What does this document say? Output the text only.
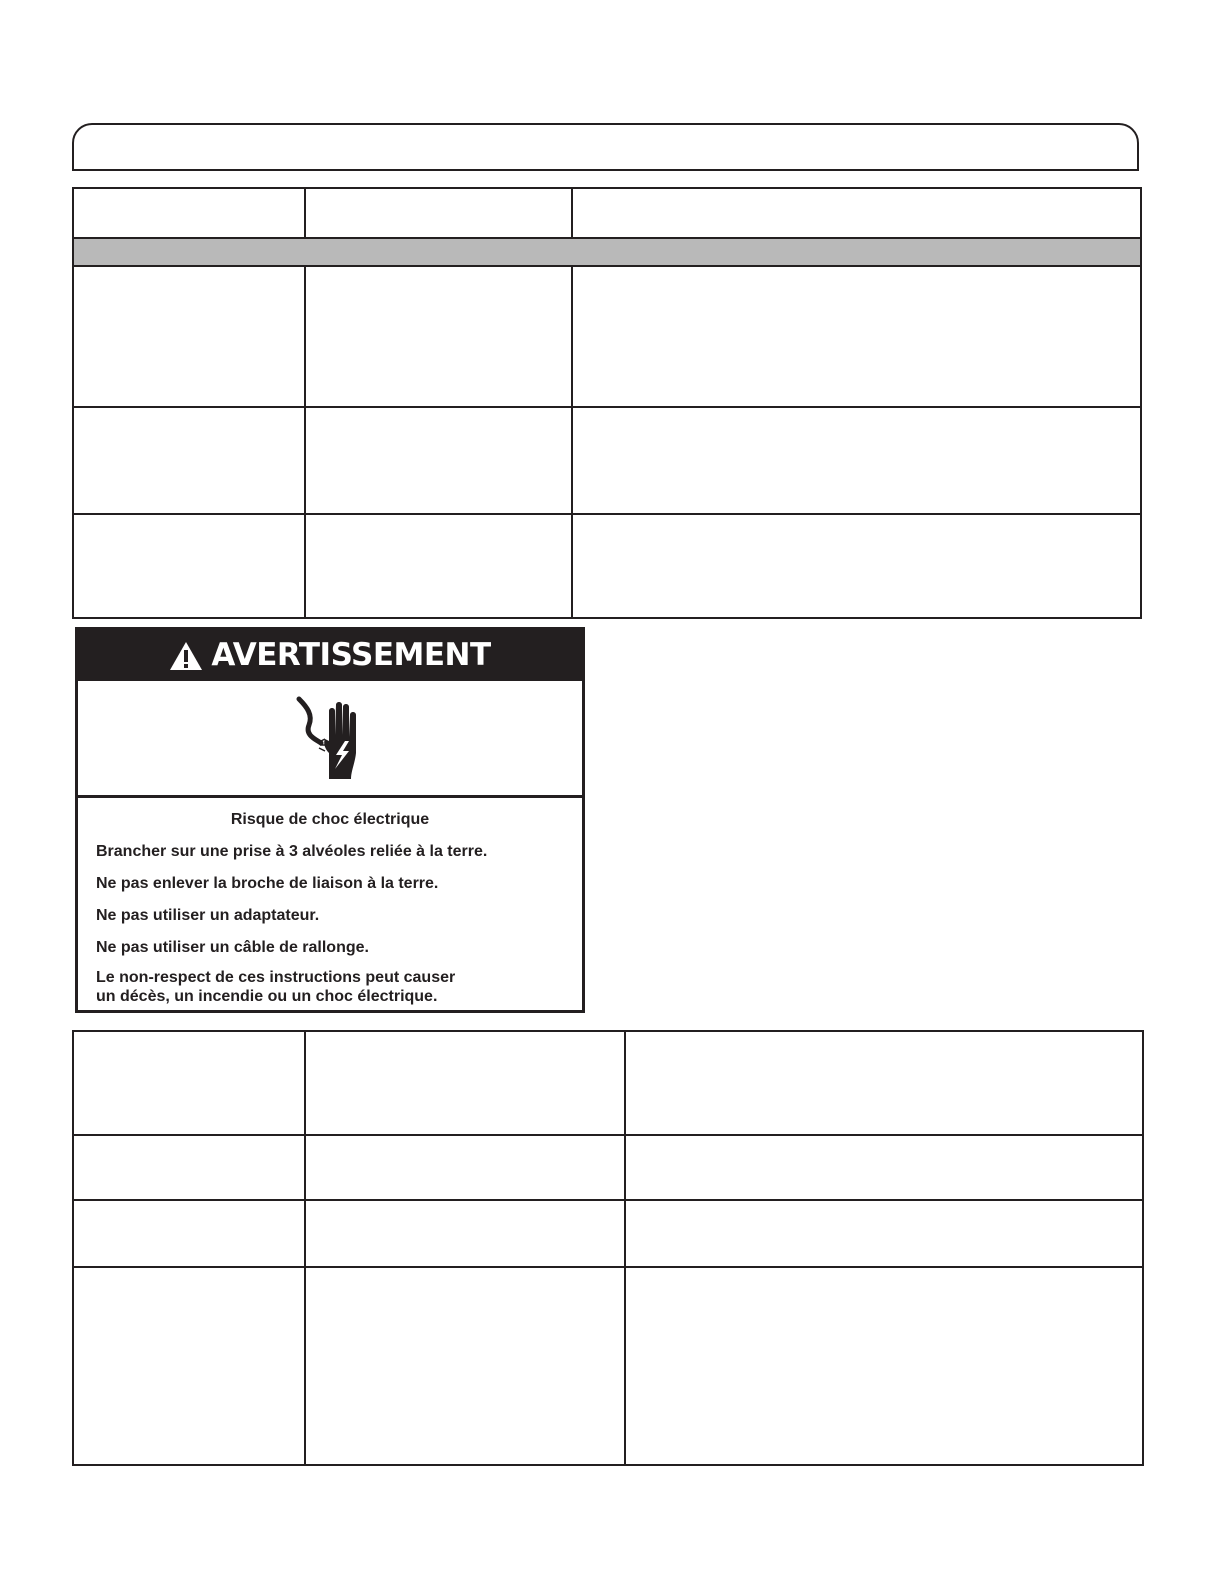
AVERTISSEMENT
Risque de choc électrique
Brancher sur une prise à 3 alvéoles reliée à la terre.
Ne pas enlever la broche de liaison à la terre.
Ne pas utiliser un adaptateur.
Ne pas utiliser un câble de rallonge.
Le non-respect de ces instructions peut causer
un décès, un incendie ou un choc électrique.
